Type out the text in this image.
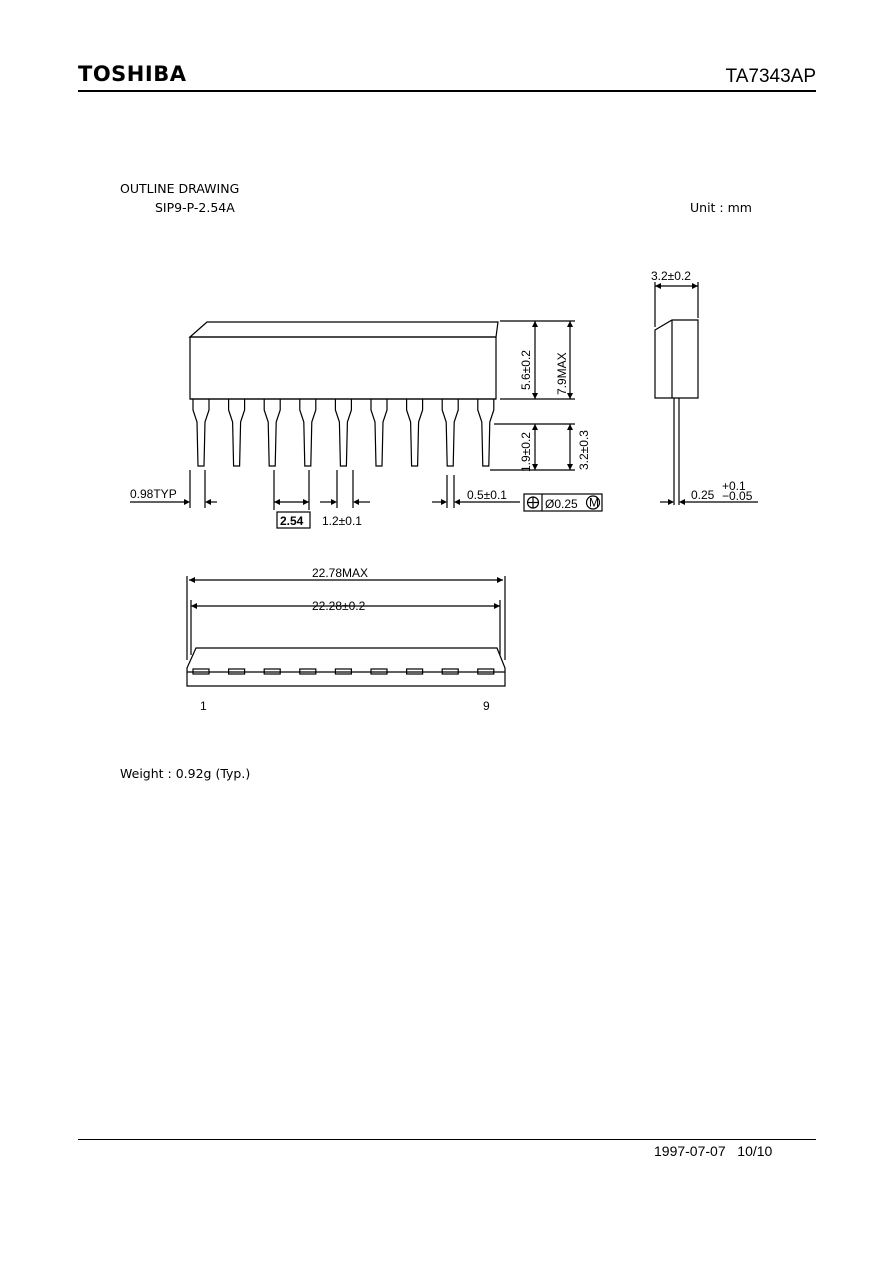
TOSHIBA	TA7343AP
OUTLINE DRAWING
SIP9-P-2.54A	Unit : mm
3.2±0.2
5.6±0.2 7.9MAX
1.9±0.2	3.2±0.3
0.98TYP
2.54 1.2±0.1
0.5±0.1
Ø0.25 M
0.25
+0.1
−0.05
22.78MAX
22.28±0.2
1	9
Weight : 0.92g (Typ.)
1997-07-07 10/10
